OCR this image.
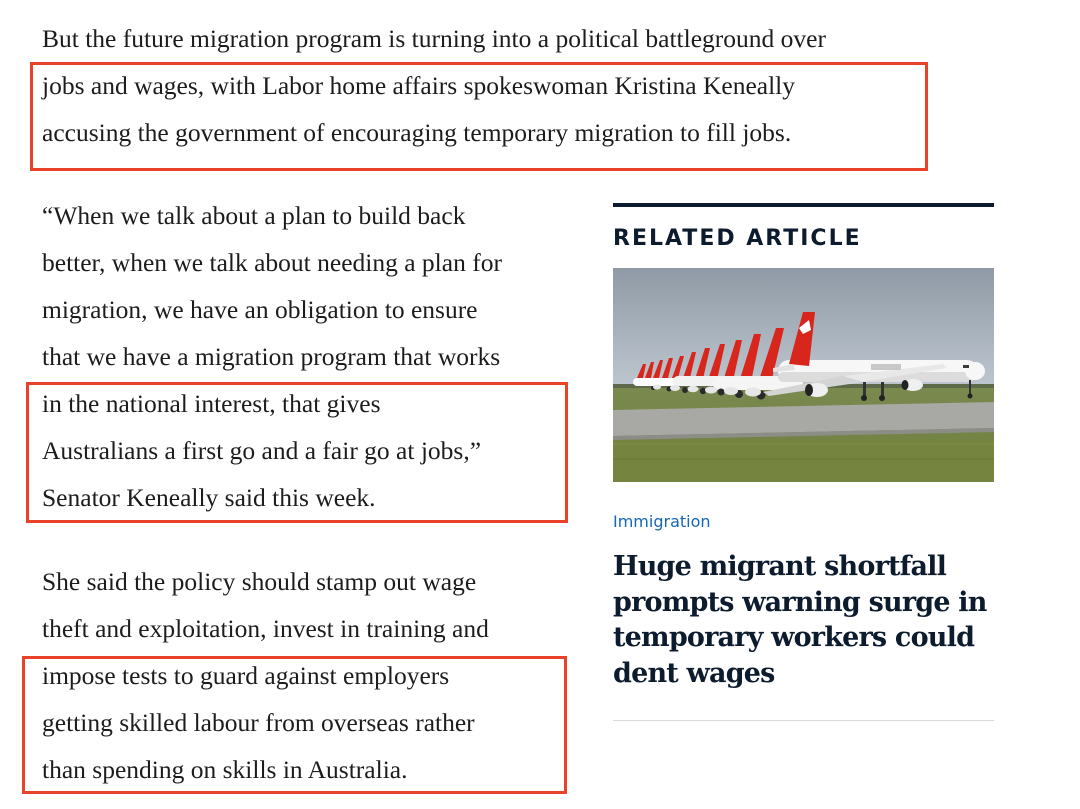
But the future migration program is turning into a political battleground over
jobs and wages, with Labor home affairs spokeswoman Kristina Keneally
accusing the government of encouraging temporary migration to fill jobs.

“When we talk about a plan to build back
better, when we talk about needing a plan for
migration, we have an obligation to ensure
that we have a migration program that works
in the national interest, that gives
Australians a first go and a fair go at jobs,”
Senator Keneally said this week.

She said the policy should stamp out wage
theft and exploitation, invest in training and
impose tests to guard against employers
getting skilled labour from overseas rather
than spending on skills in Australia.

RELATED ARTICLE
Immigration
Huge migrant shortfall
prompts warning surge in
temporary workers could
dent wages
